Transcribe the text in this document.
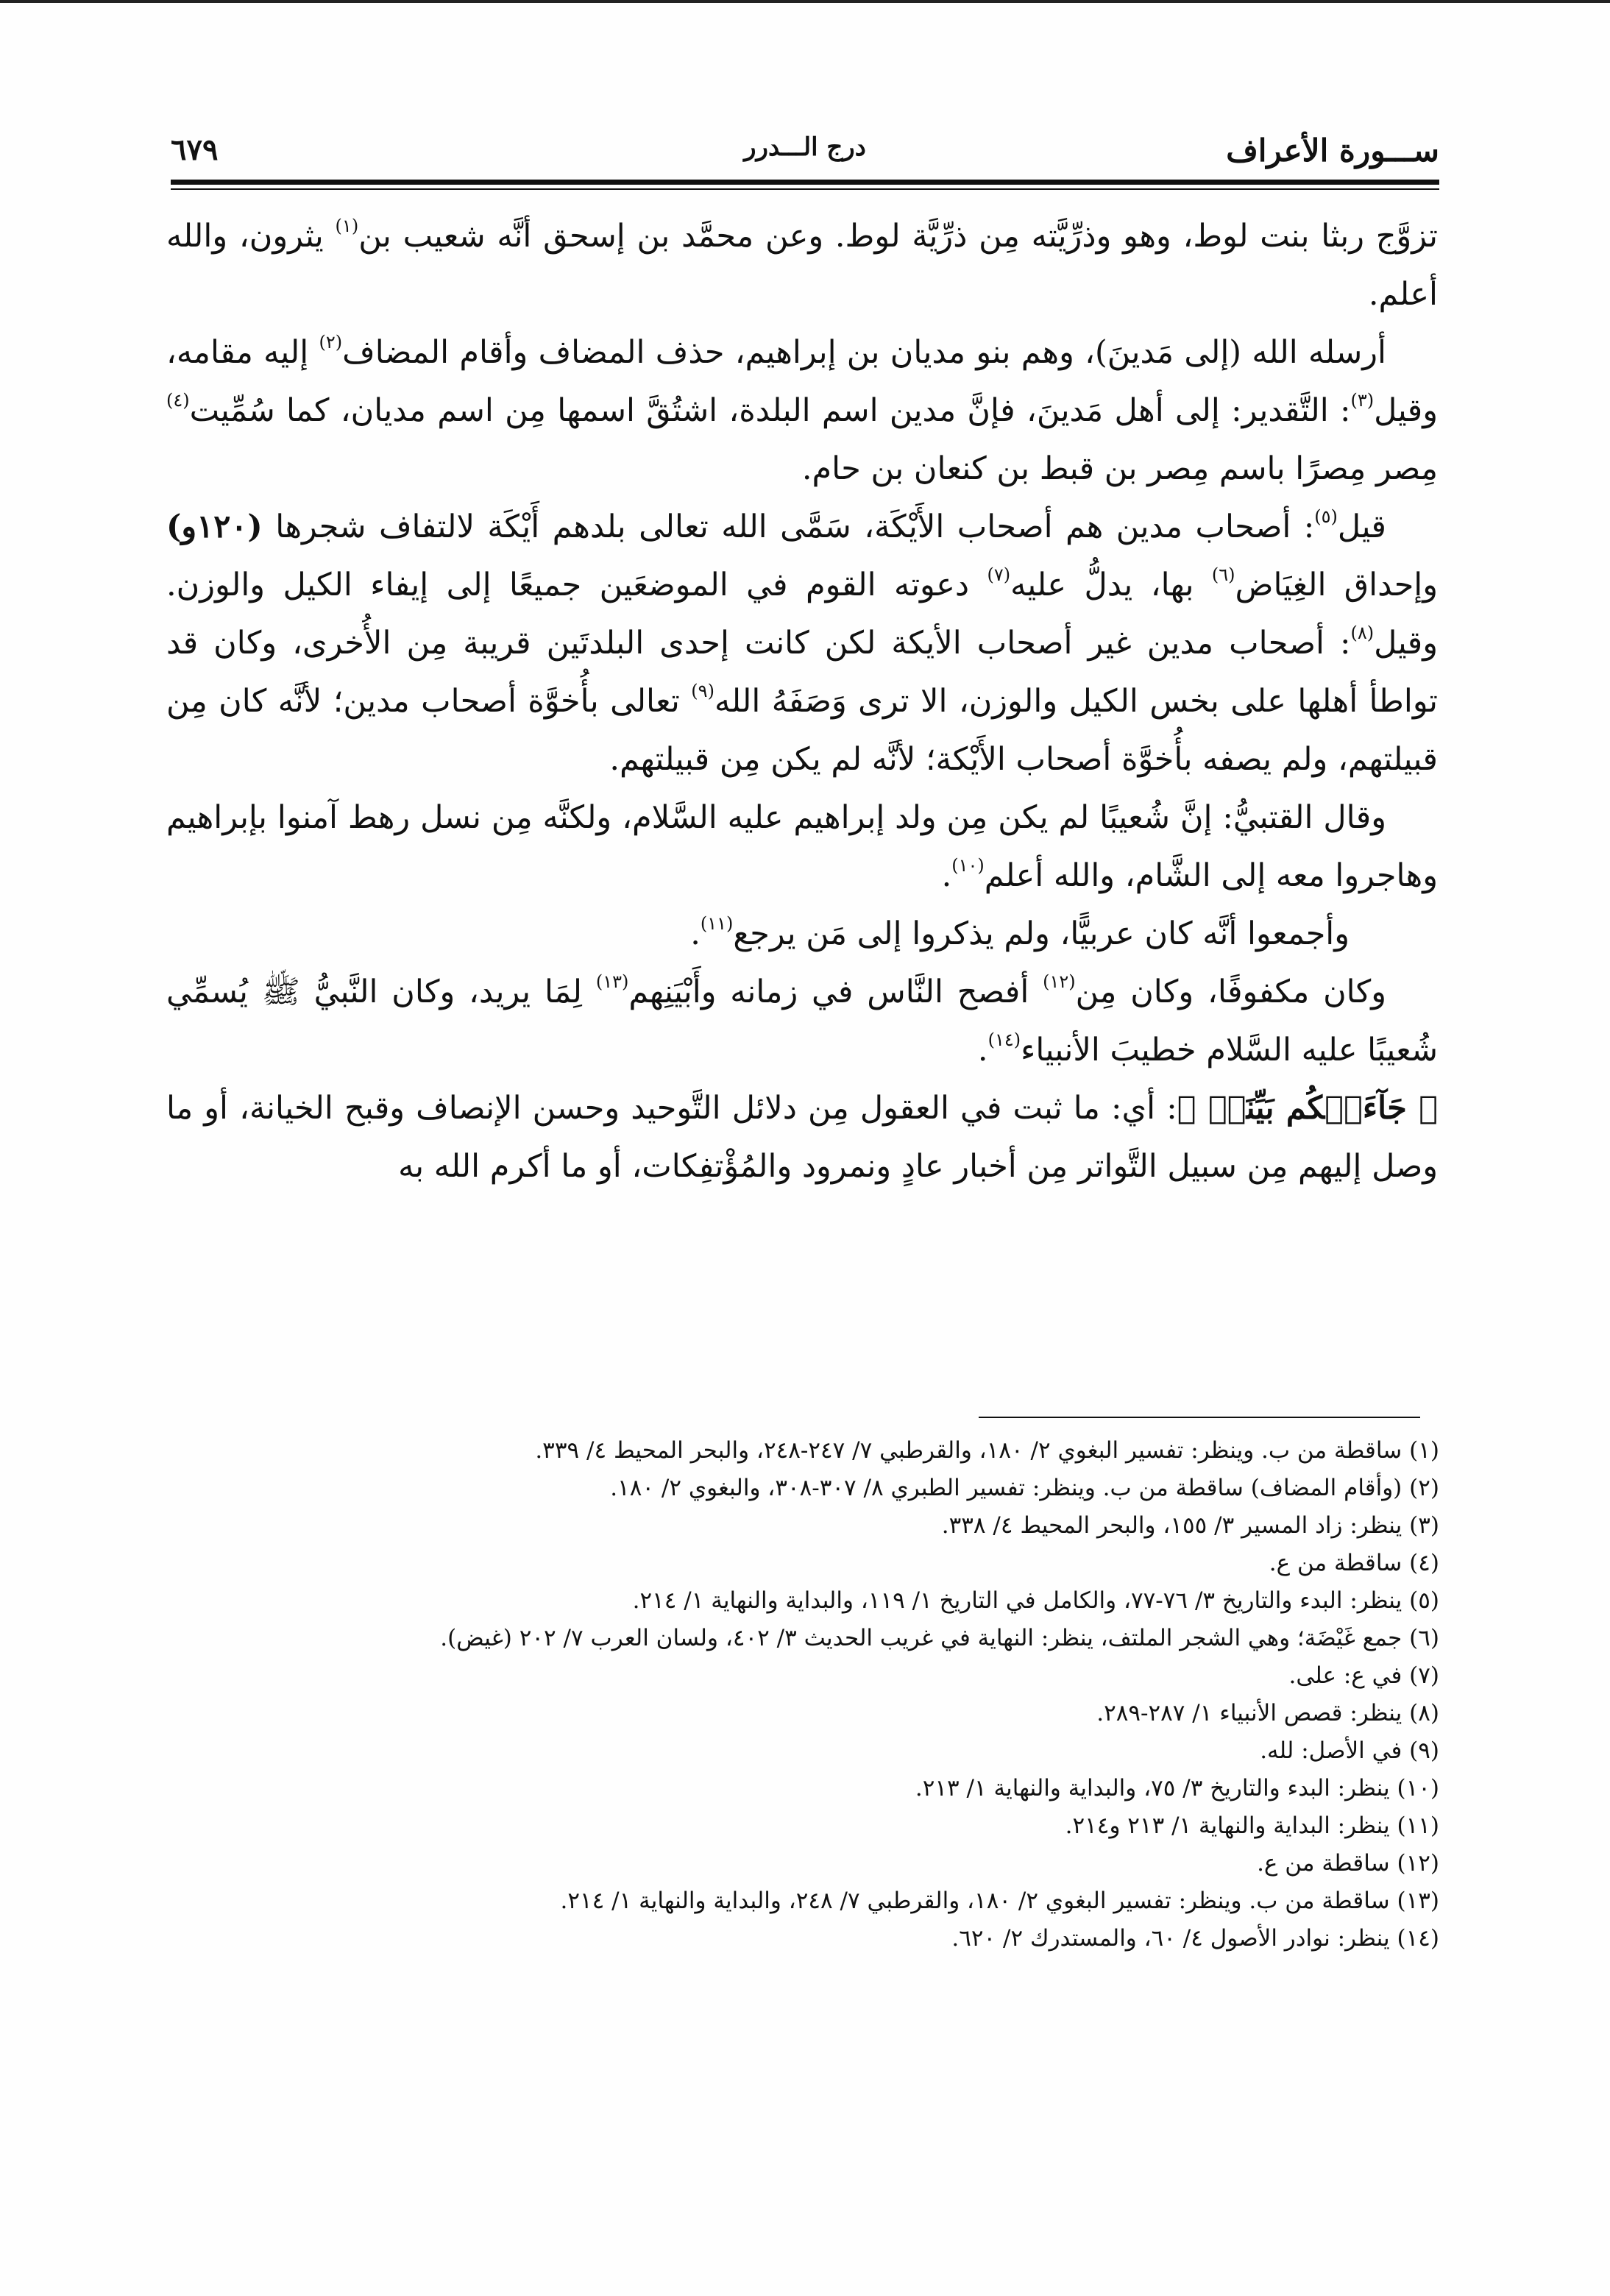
ســـورة الأعراف
درج الـــدرر
٦٧٩

تزوَّج ربثا بنت لوط، وهو وذرِّيَّته مِن ذرِّيَّة لوط. وعن محمَّد بن إسحق أنَّه شعيب بن$^{(١)}$ يثرون، والله أعلم.

أرسله الله (إلى مَدينَ)، وهم بنو مديان بن إبراهيم، حذف المضاف وأقام المضاف$^{(٢)}$ إليه مقامه، وقيل$^{(٣)}$: التَّقدير: إلى أهل مَدينَ، فإنَّ مدين اسم البلدة، اشتُقَّ اسمها مِن اسم مديان، كما سُمِّيت$^{(٤)}$ مِصر مِصرًا باسم مِصر بن قبط بن كنعان بن حام.

قيل$^{(٥)}$: أصحاب مدين هم أصحاب الأَيْكَة، سَمَّى الله تعالى بلدهم أَيْكَة لالتفاف شجرها (١٢٠و) وإحداق الغِيَاض$^{(٦)}$ بها، يدلُّ عليه$^{(٧)}$ دعوته القوم في الموضعَين جميعًا إلى إيفاء الكيل والوزن. وقيل$^{(٨)}$: أصحاب مدين غير أصحاب الأيكة لكن كانت إحدى البلدتَين قريبة مِن الأُخرى، وكان قد تواطأ أهلها على بخس الكيل والوزن، الا ترى وَصَفَهُ الله$^{(٩)}$ تعالى بأُخوَّة أصحاب مدين؛ لأنَّه كان مِن قبيلتهم، ولم يصفه بأُخوَّة أصحاب الأَيْكة؛ لأنَّه لم يكن مِن قبيلتهم.

وقال القتبيُّ: إنَّ شُعيبًا لم يكن مِن ولد إبراهيم عليه السَّلام، ولكنَّه مِن نسل رهط آمنوا بإبراهيم وهاجروا معه إلى الشَّام، والله أعلم$^{(١٠)}$.

وأجمعوا أنَّه كان عربيًّا، ولم يذكروا إلى مَن يرجع$^{(١١)}$.

وكان مكفوفًا، وكان مِن$^{(١٢)}$ أفصح النَّاس في زمانه وأَبْيَنِهم$^{(١٣)}$ لِمَا يريد، وكان النَّبيُّ ﷺ يُسمِّي شُعيبًا عليه السَّلام خطيبَ الأنبياء$^{(١٤)}$.

﴿ جَآءَتۡكُم بَيِّنَةٞ ﴾: أي: ما ثبت في العقول مِن دلائل التَّوحيد وحسن الإنصاف وقبح الخيانة، أو ما وصل إليهم مِن سبيل التَّواتر مِن أخبار عادٍ ونمرود والمُؤْتفِكات، أو ما أكرم الله به

(١) ساقطة من ب. وينظر: تفسير البغوي ٢/ ١٨٠، والقرطبي ٧/ ٢٤٧-٢٤٨، والبحر المحيط ٤/ ٣٣٩.

(٢) (وأقام المضاف) ساقطة من ب. وينظر: تفسير الطبري ٨/ ٣٠٧-٣٠٨، والبغوي ٢/ ١٨٠.

(٣) ينظر: زاد المسير ٣/ ١٥٥، والبحر المحيط ٤/ ٣٣٨.

(٤) ساقطة من ع.

(٥) ينظر: البدء والتاريخ ٣/ ٧٦-٧٧، والكامل في التاريخ ١/ ١١٩، والبداية والنهاية ١/ ٢١٤.

(٦) جمع غَيْضَة؛ وهي الشجر الملتف، ينظر: النهاية في غريب الحديث ٣/ ٤٠٢، ولسان العرب ٧/ ٢٠٢ (غيض).

(٧) في ع: على.

(٨) ينظر: قصص الأنبياء ١/ ٢٨٧-٢٨٩.

(٩) في الأصل: لله.

(١٠) ينظر: البدء والتاريخ ٣/ ٧٥، والبداية والنهاية ١/ ٢١٣.

(١١) ينظر: البداية والنهاية ١/ ٢١٣ و٢١٤.

(١٢) ساقطة من ع.

(١٣) ساقطة من ب. وينظر: تفسير البغوي ٢/ ١٨٠، والقرطبي ٧/ ٢٤٨، والبداية والنهاية ١/ ٢١٤.

(١٤) ينظر: نوادر الأصول ٤/ ٦٠، والمستدرك ٢/ ٦٢٠.
